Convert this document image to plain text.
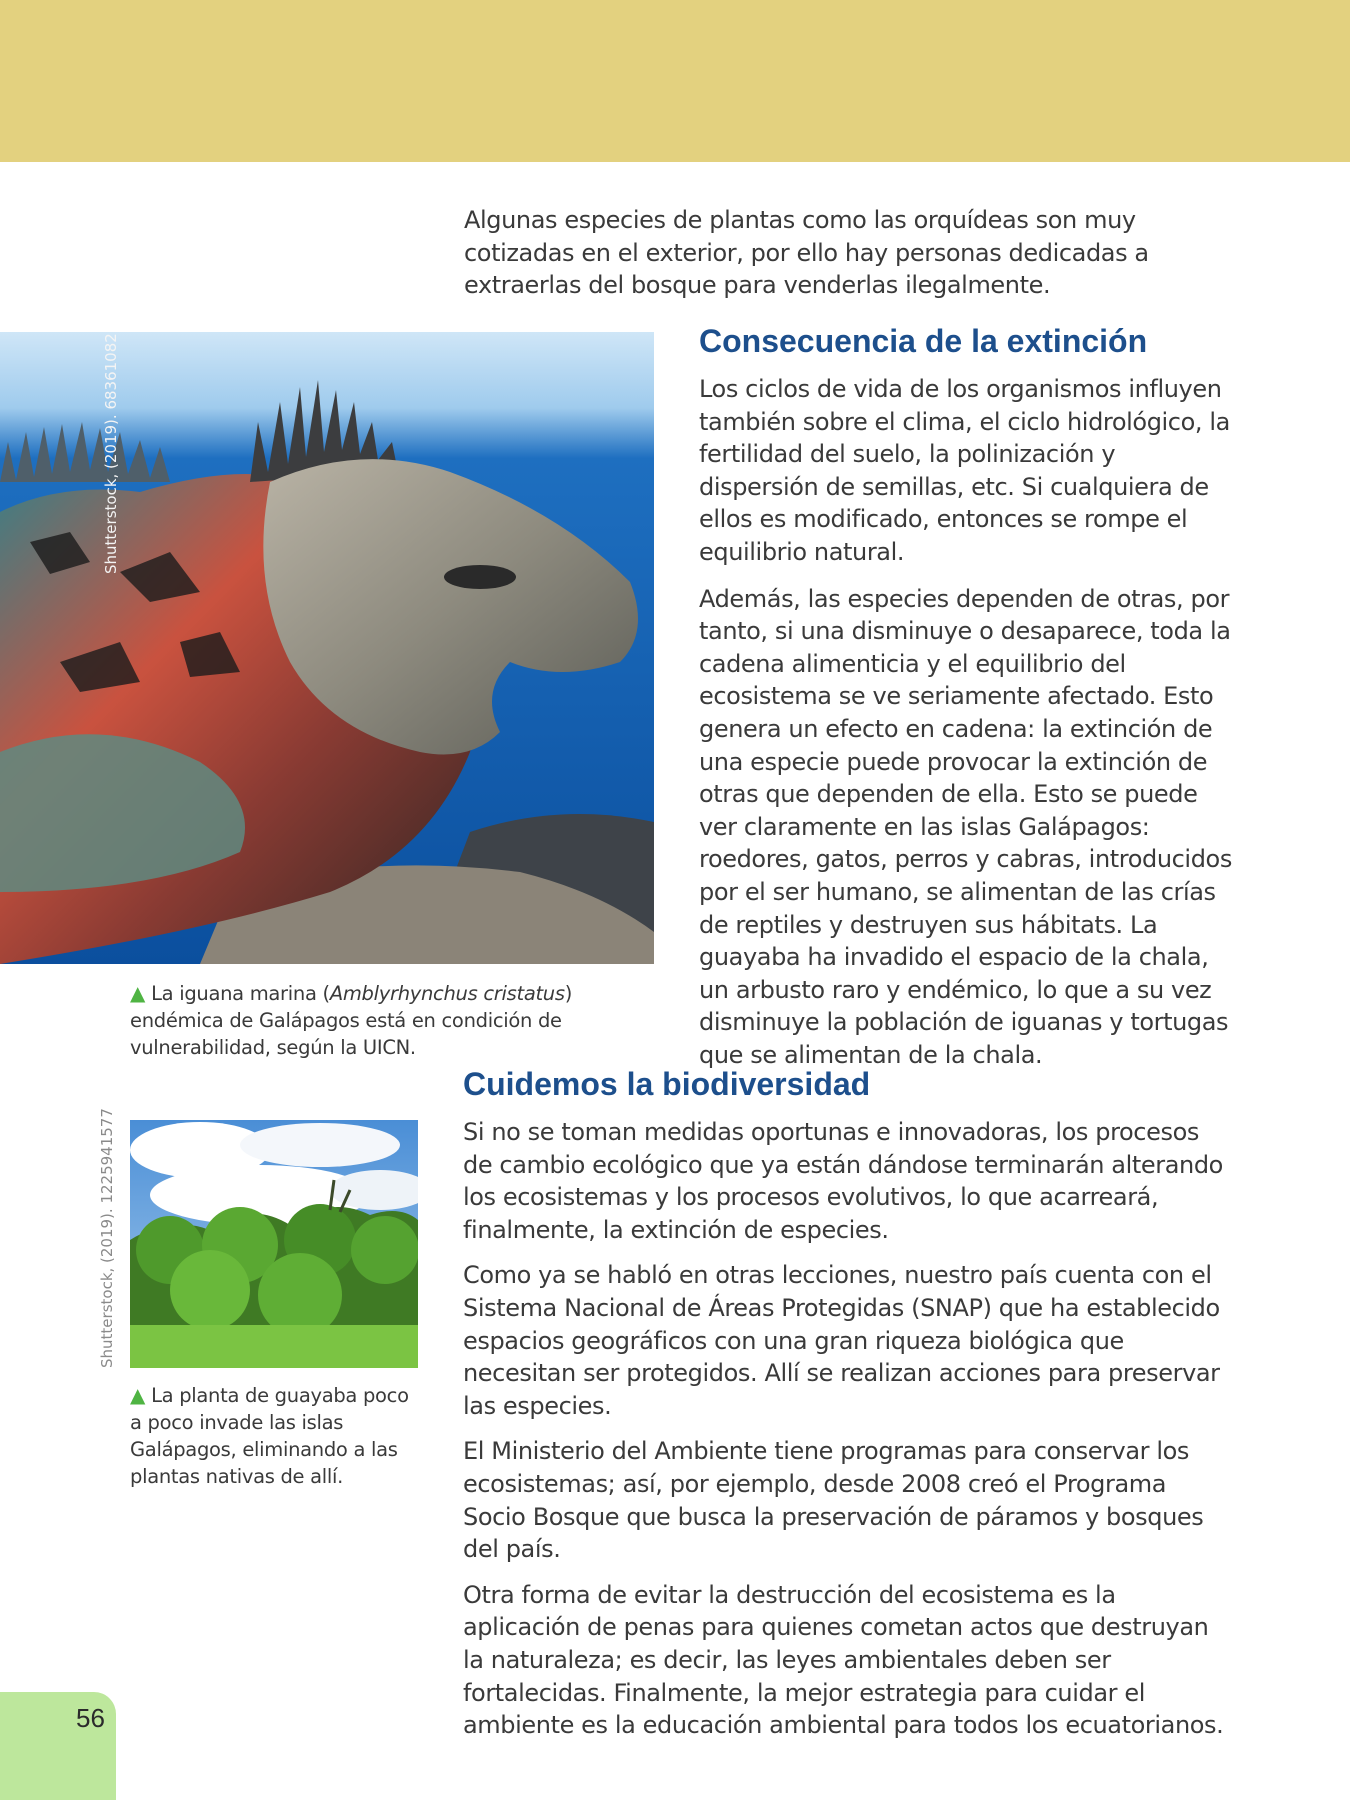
Algunas especies de plantas como las orquídeas son muy cotizadas en el exterior, por ello hay personas dedicadas a extraerlas del bosque para venderlas ilegalmente.

Shutterstock, (2019). 68361082	Consecuencia de la extinción

Los ciclos de vida de los organismos influyen también sobre el clima, el ciclo hidrológico, la fertilidad del suelo, la polinización y dispersión de semillas, etc. Si cualquiera de ellos es modificado, entonces se rompe el equilibrio natural.

Además, las especies dependen de otras, por tanto, si una disminuye o desaparece, toda la cadena alimenticia y el equilibrio del ecosistema se ve seriamente afectado. Esto genera un efecto en cadena: la extinción de una especie puede provocar la extinción de otras que dependen de ella. Esto se puede ver claramente en las islas Galápagos: roedores, gatos, perros y cabras, introducidos por el ser humano, se alimentan de las crías de reptiles y destruyen sus hábitats. La guayaba ha invadido el espacio de la chala, un arbusto raro y endémico, lo que a su vez disminuye la población de iguanas y tortugas que se alimentan de la chala.

▲ La iguana marina (Amblyrhynchus cristatus) endémica de Galápagos está en condición de vulnerabilidad, según la UICN.
Cuidemos la biodiversidad

Si no se toman medidas oportunas e innovadoras, los procesos de cambio ecológico que ya están dándose terminarán alterando los ecosistemas y los procesos evolutivos, lo que acarreará, finalmente, la extinción de especies.

Como ya se habló en otras lecciones, nuestro país cuenta con el Sistema Nacional de Áreas Protegidas (SNAP) que ha establecido espacios geográficos con una gran riqueza biológica que necesitan ser protegidos. Allí se realizan acciones para preservar las especies.

El Ministerio del Ambiente tiene programas para conservar los ecosistemas; así, por ejemplo, desde 2008 creó el Programa Socio Bosque que busca la preservación de páramos y bosques del país.

Otra forma de evitar la destrucción del ecosistema es la aplicación de penas para quienes cometan actos que destruyan la naturaleza; es decir, las leyes ambientales deben ser fortalecidas. Finalmente, la mejor estrategia para cuidar el ambiente es la educación ambiental para todos los ecuatorianos.

Shutterstock, (2019). 1225941577
▲ La planta de guayaba poco a poco invade las islas Galápagos, eliminando a las plantas nativas de allí.
56
